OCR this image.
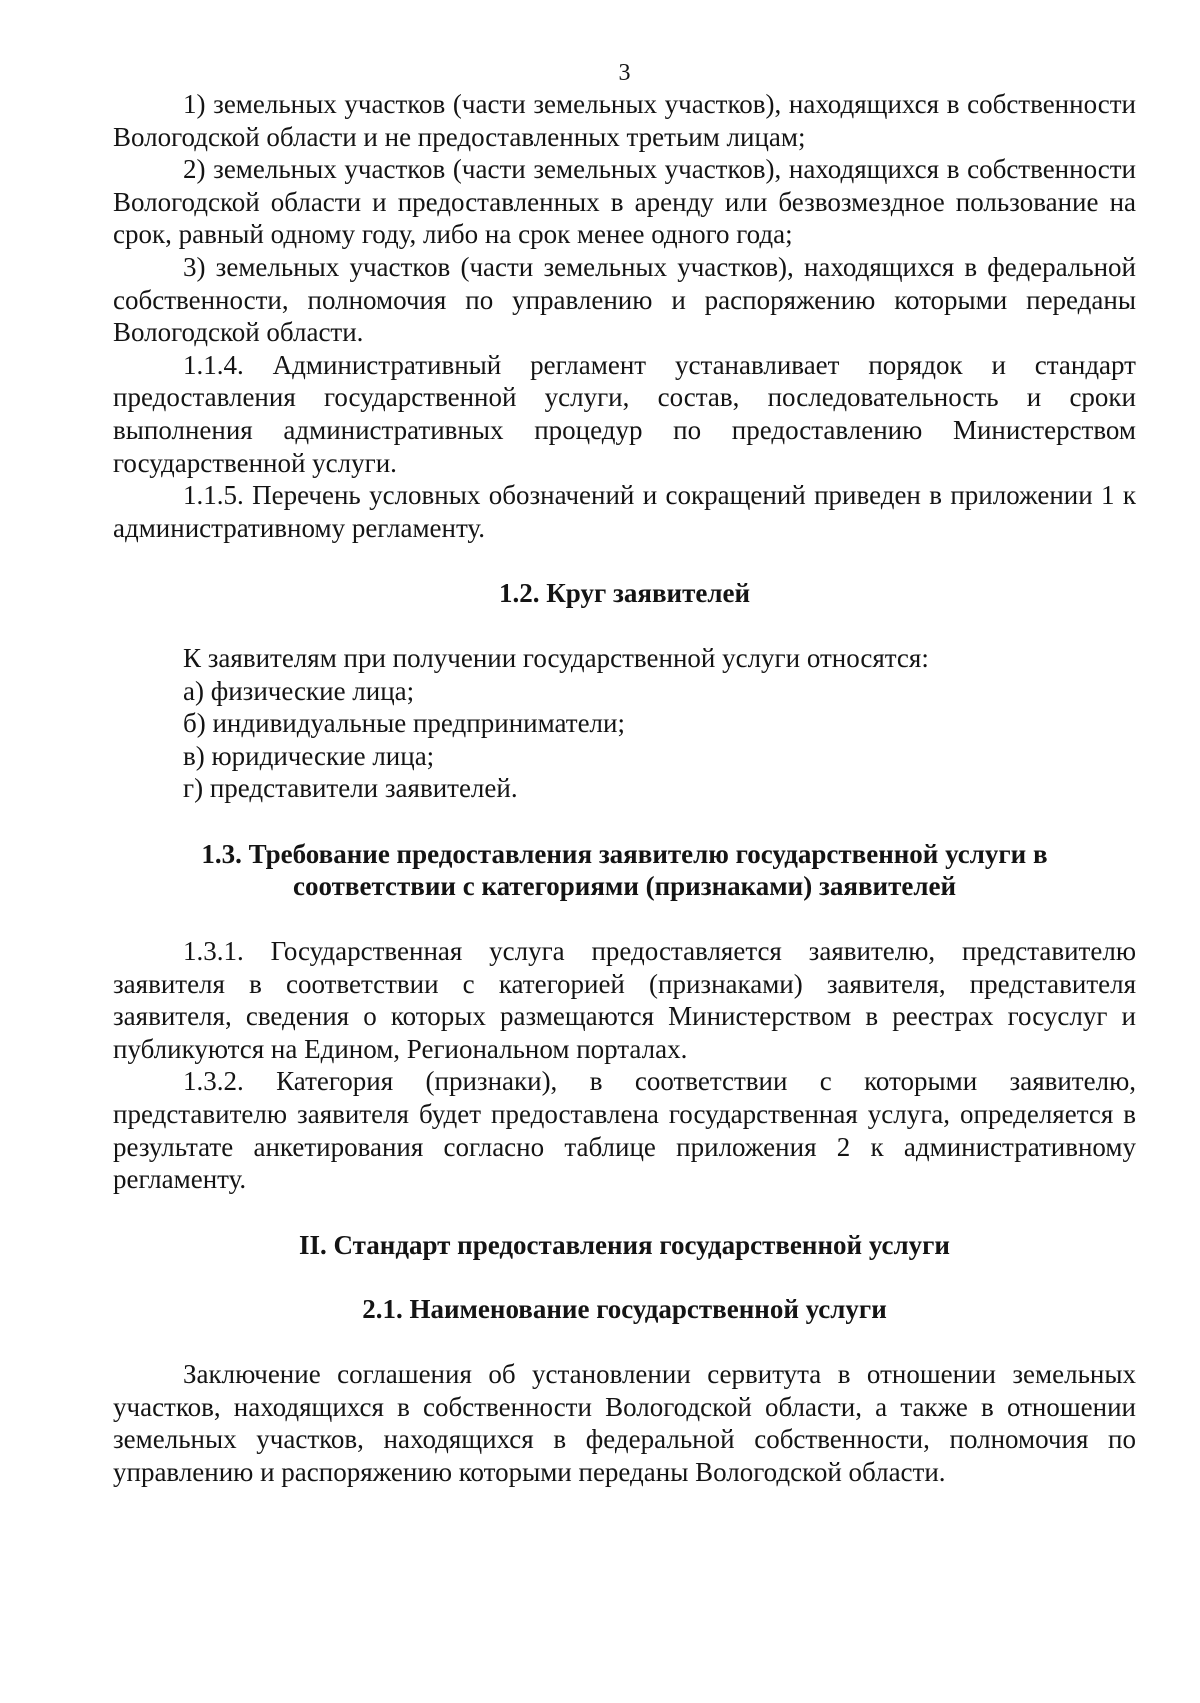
3

1) земельных участков (части земельных участков), находящихся в собственности Вологодской области и не предоставленных третьим лицам;

2) земельных участков (части земельных участков), находящихся в собственности Вологодской области и предоставленных в аренду или безвозмездное пользование на срок, равный одному году, либо на срок менее одного года;

3) земельных участков (части земельных участков), находящихся в федеральной собственности, полномочия по управлению и распоряжению которыми переданы Вологодской области.

1.1.4. Административный регламент устанавливает порядок и стандарт предоставления государственной услуги, состав, последовательность и сроки выполнения административных процедур по предоставлению Министерством государственной услуги.

1.1.5. Перечень условных обозначений и сокращений приведен в приложении 1 к административному регламенту.

1.2. Круг заявителей

К заявителям при получении государственной услуги относятся:

а) физические лица;
б) индивидуальные предприниматели;
в) юридические лица;
г) представители заявителей.
1.3. Требование предоставления заявителю государственной услуги в
соответствии с категориями (признаками) заявителей

1.3.1. Государственная услуга предоставляется заявителю, представителю заявителя в соответствии с категорией (признаками) заявителя, представителя заявителя, сведения о которых размещаются Министерством в реестрах госуслуг и публикуются на Едином, Региональном порталах.

1.3.2. Категория (признаки), в соответствии с которыми заявителю, представителю заявителя будет предоставлена государственная услуга, определяется в результате анкетирования согласно таблице приложения 2 к административному регламенту.

II. Стандарт предоставления государственной услуги
2.1. Наименование государственной услуги

Заключение соглашения об установлении сервитута в отношении земельных участков, находящихся в собственности Вологодской области, а также в отношении земельных участков, находящихся в федеральной собственности, полномочия по управлению и распоряжению которыми переданы Вологодской области.
